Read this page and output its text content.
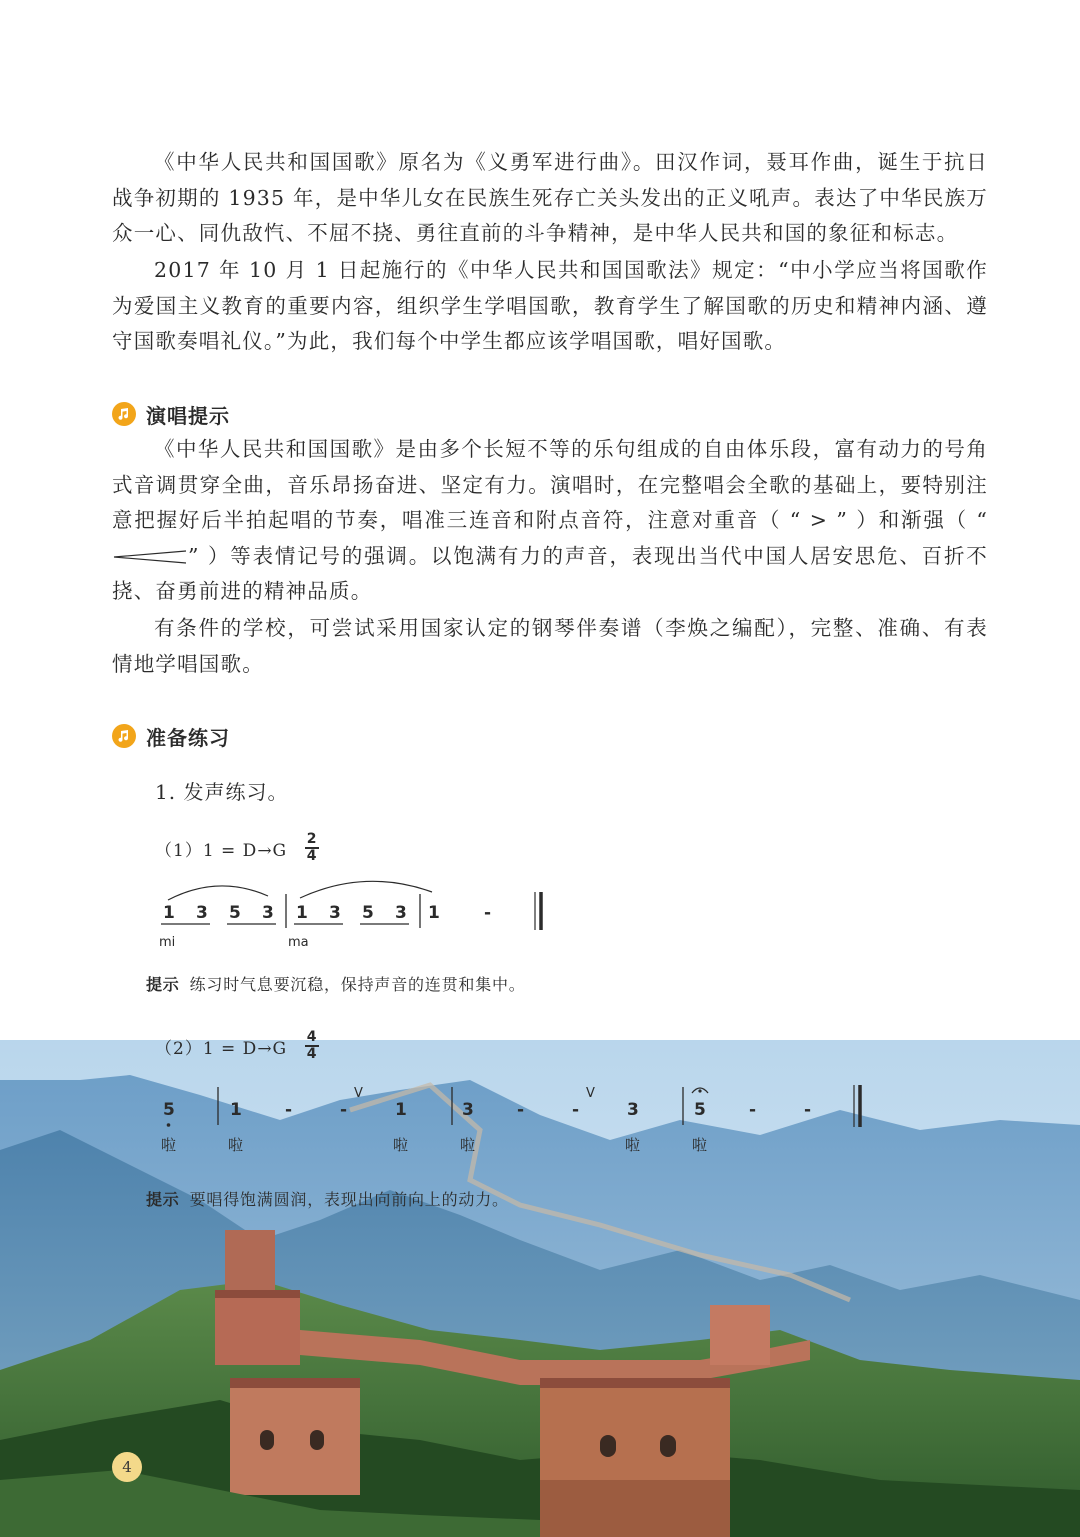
《中华人民共和国国歌》原名为《义勇军进行曲》。田汉作词，聂耳作曲，诞生于抗日战争初期的 1935 年，是中华儿女在民族生死存亡关头发出的正义吼声。表达了中华民族万众一心、同仇敌忾、不屈不挠、勇往直前的斗争精神，是中华人民共和国的象征和标志。

2017 年 10 月 1 日起施行的《中华人民共和国国歌法》规定：“中小学应当将国歌作为爱国主义教育的重要内容，组织学生学唱国歌，教育学生了解国歌的历史和精神内涵、遵守国歌奏唱礼仪。”为此，我们每个中学生都应该学唱国歌，唱好国歌。

演唱提示

《中华人民共和国国歌》是由多个长短不等的乐句组成的自由体乐段，富有动力的号角式音调贯穿全曲，音乐昂扬奋进、坚定有力。演唱时，在完整唱会全歌的基础上，要特别注意把握好后半拍起唱的节奏，唱准三连音和附点音符，注意对重音（ “ > ” ）和渐强（ “” ）等表情记号的强调。以饱满有力的声音，表现出当代中国人居安思危、百折不挠、奋勇前进的精神品质。

有条件的学校，可尝试采用国家认定的钢琴伴奏谱（李焕之编配），完整、准确、有表情地学唱国歌。

准备练习
1. 发声练习。
（1）1 = D→G
2
4
1 3 5 3 1 3 5 3 1	-
mi	ma
提示 练习时气息要沉稳，保持声音的连贯和集中。
（2）1 = D→G
4
4
5	1	-	-	1	3	-	-	3	5	-	-
V	V
啦	啦	啦	啦	啦	啦
提示 要唱得饱满圆润，表现出向前向上的动力。
4
